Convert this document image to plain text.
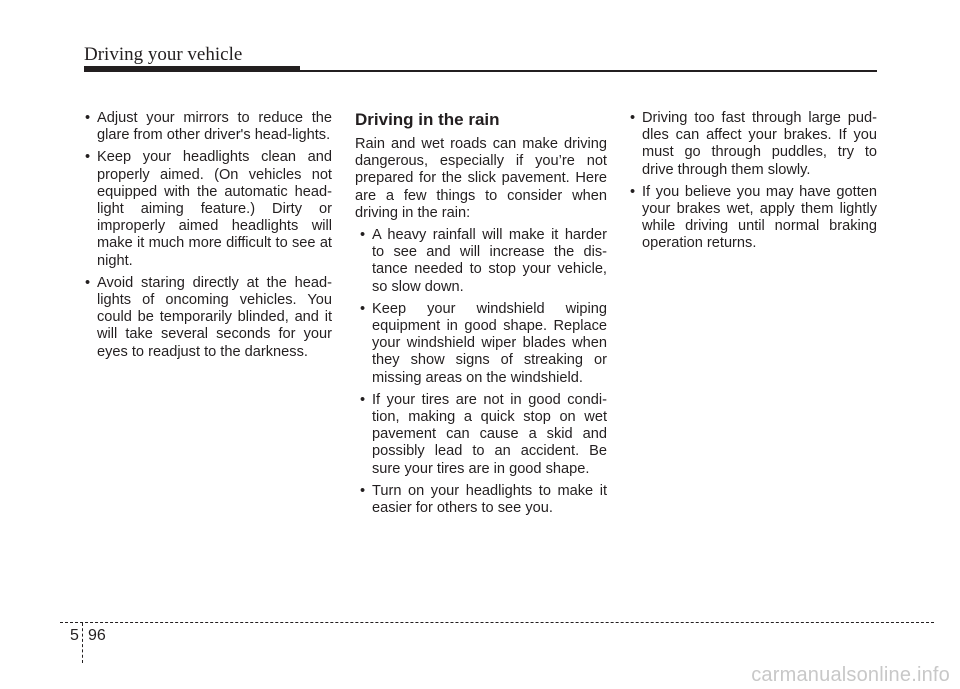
Driving your vehicle
• Adjust your mirrors to reduce the glare from other driver's head-lights.
• Keep your headlights clean and properly aimed. (On vehicles not equipped with the automatic head-light aiming feature.) Dirty or improperly aimed headlights will make it much more difficult to see at night.
• Avoid staring directly at the head-lights of oncoming vehicles. You could be temporarily blinded, and it will take several seconds for your eyes to readjust to the darkness.
Driving in the rain
Rain and wet roads can make driving dangerous, especially if you’re not prepared for the slick pavement. Here are a few things to consider when driving in the rain:
• A heavy rainfall will make it harder to see and will increase the dis-tance needed to stop your vehicle, so slow down.
• Keep your windshield wiping equipment in good shape. Replace your windshield wiper blades when they show signs of streaking or missing areas on the windshield.
• If your tires are not in good condi-tion, making a quick stop on wet pavement can cause a skid and possibly lead to an accident. Be sure your tires are in good shape.
• Turn on your headlights to make it easier for others to see you.
• Driving too fast through large pud-dles can affect your brakes. If you must go through puddles, try to drive through them slowly.
• If you believe you may have gotten your brakes wet, apply them lightly while driving until normal braking operation returns.
5 96
carmanualsonline.info
